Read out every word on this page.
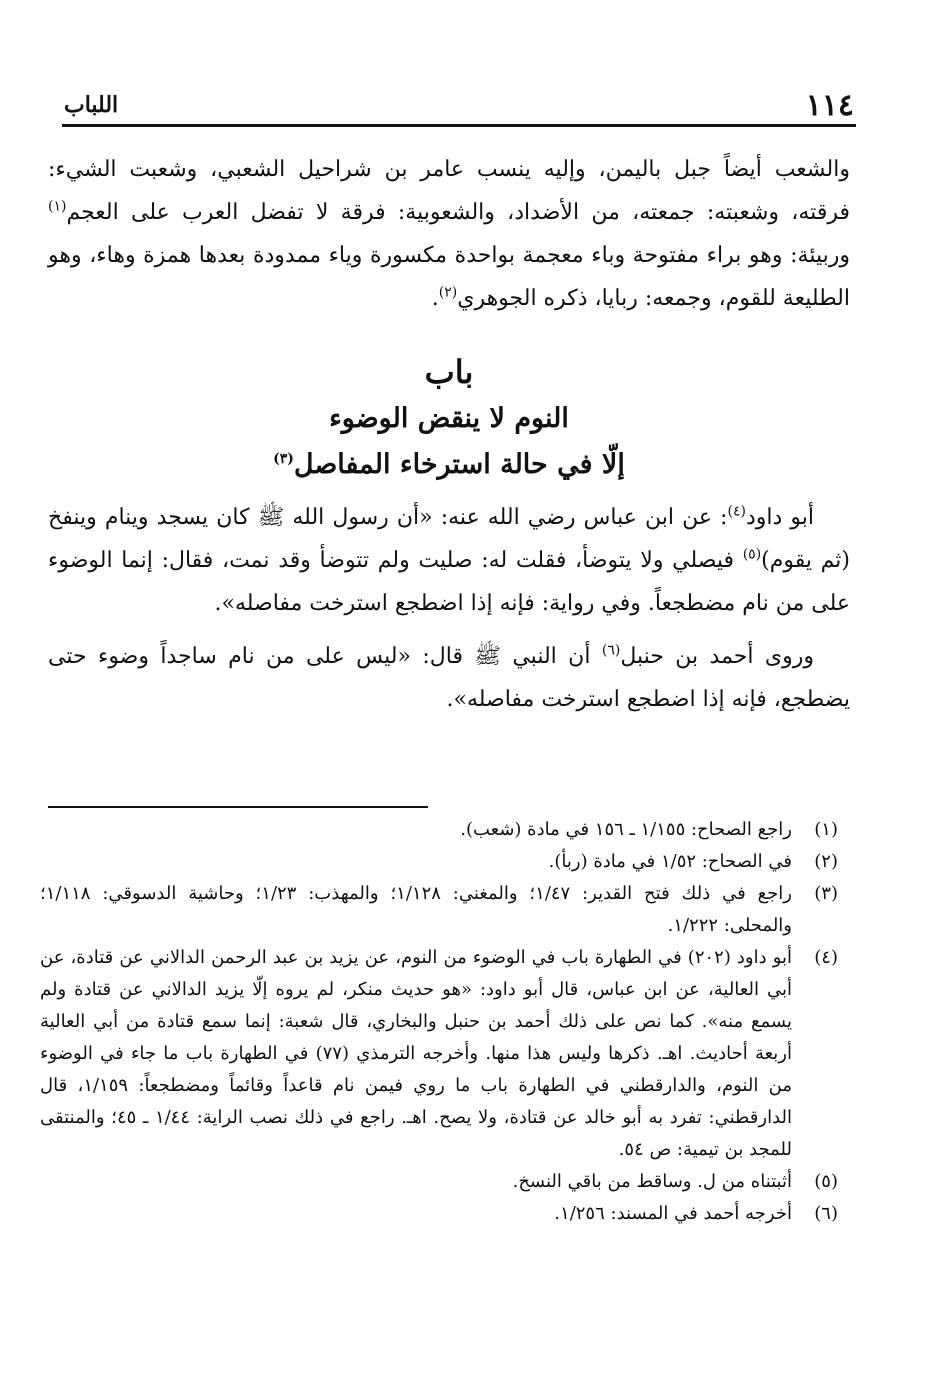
١١٤
اللباب

والشعب أيضاً جبل باليمن، وإليه ينسب عامر بن شراحيل الشعبي، وشعبت الشيء: فرقته، وشعبته: جمعته، من الأضداد، والشعوبية: فرقة لا تفضل العرب على العجم$^{(١)}$ وربيئة: وهو براء مفتوحة وباء معجمة بواحدة مكسورة وياء ممدودة بعدها همزة وهاء، وهو الطليعة للقوم، وجمعه: ربايا، ذكره الجوهري$^{(٢)}$.

باب
النوم لا ينقض الوضوء
إلّا في حالة استرخاء المفاصل$^{(٣)}$

أبو داود$^{(٤)}$: عن ابن عباس رضي الله عنه: «أن رسول الله ﷺ كان يسجد وينام وينفخ (ثم يقوم)$^{(٥)}$ فيصلي ولا يتوضأ، فقلت له: صليت ولم تتوضأ وقد نمت، فقال: إنما الوضوء على من نام مضطجعاً. وفي رواية: فإنه إذا اضطجع استرخت مفاصله».

وروى أحمد بن حنبل$^{(٦)}$ أن النبي ﷺ قال: «ليس على من نام ساجداً وضوء حتى يضطجع، فإنه إذا اضطجع استرخت مفاصله».

(١)
راجع الصحاح: ١/١٥٥ ـ ١٥٦ في مادة (شعب).

(٢)
في الصحاح: ١/٥٢ في مادة (ربأ).

(٣)
راجع في ذلك فتح القدير: ١/٤٧؛ والمغني: ١/١٢٨؛ والمهذب: ١/٢٣؛ وحاشية الدسوقي: ١/١١٨؛ والمحلى: ١/٢٢٢.

(٤)
أبو داود (٢٠٢) في الطهارة باب في الوضوء من النوم، عن يزيد بن عبد الرحمن الدالاني عن قتادة، عن أبي العالية، عن ابن عباس، قال أبو داود: «هو حديث منكر، لم يروه إلّا يزيد الدالاني عن قتادة ولم يسمع منه». كما نص على ذلك أحمد بن حنبل والبخاري، قال شعبة: إنما سمع قتادة من أبي العالية أربعة أحاديث. اهـ. ذكرها وليس هذا منها. وأخرجه الترمذي (٧٧) في الطهارة باب ما جاء في الوضوء من النوم، والدارقطني في الطهارة باب ما روي فيمن نام قاعداً وقائماً ومضطجعاً: ١/١٥٩، قال الدارقطني: تفرد به أبو خالد عن قتادة، ولا يصح. اهـ. راجع في ذلك نصب الراية: ١/٤٤ ـ ٤٥؛ والمنتقى للمجد بن تيمية: ص ٥٤.

(٥)
أثبتناه من ل. وساقط من باقي النسخ.

(٦)
أخرجه أحمد في المسند: ١/٢٥٦.
